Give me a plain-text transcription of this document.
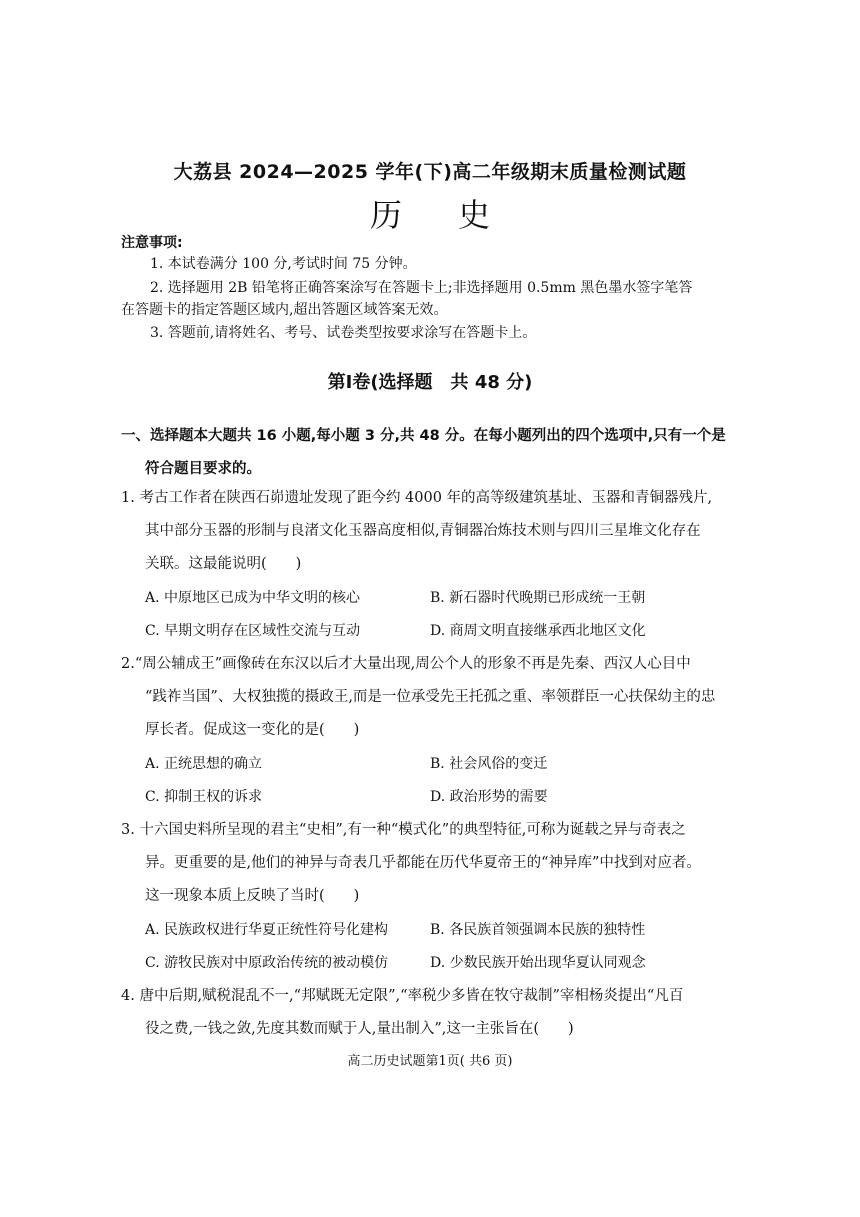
大荔县 2024—2025 学年(下)高二年级期末质量检测试题
历史
注意事项:
1. 本试卷满分 100 分,考试时间 75 分钟。
2. 选择题用 2B 铅笔将正确答案涂写在答题卡上;非选择题用 0.5mm 黑色墨水签字笔答
在答题卡的指定答题区域内,超出答题区域答案无效。
3. 答题前,请将姓名、考号、试卷类型按要求涂写在答题卡上。
第Ⅰ卷(选择题　共 48 分)
一、选择题本大题共 16 小题,每小题 3 分,共 48 分。在每小题列出的四个选项中,只有一个是
符合题目要求的。
1. 考古工作者在陕西石峁遗址发现了距今约 4000 年的高等级建筑基址、玉器和青铜器残片,
其中部分玉器的形制与良渚文化玉器高度相似,青铜器冶炼技术则与四川三星堆文化存在
关联。这最能说明(　　)
A. 中原地区已成为中华文明的核心	B. 新石器时代晚期已形成统一王朝
C. 早期文明存在区域性交流与互动	D. 商周文明直接继承西北地区文化
2.“周公辅成王”画像砖在东汉以后才大量出现,周公个人的形象不再是先秦、西汉人心目中
“践祚当国”、大权独揽的摄政王,而是一位承受先王托孤之重、率领群臣一心扶保幼主的忠
厚长者。促成这一变化的是(　　)
A. 正统思想的确立	B. 社会风俗的变迁
C. 抑制王权的诉求	D. 政治形势的需要
3. 十六国史料所呈现的君主“史相”,有一种“模式化”的典型特征,可称为诞载之异与奇表之
异。更重要的是,他们的神异与奇表几乎都能在历代华夏帝王的“神异库”中找到对应者。
这一现象本质上反映了当时(　　)
A. 民族政权进行华夏正统性符号化建构	B. 各民族首领强调本民族的独特性
C. 游牧民族对中原政治传统的被动模仿	D. 少数民族开始出现华夏认同观念
4. 唐中后期,赋税混乱不一,“邦赋既无定限”,“率税少多皆在牧守裁制”宰相杨炎提出“凡百
役之费,一钱之敛,先度其数而赋于人,量出制入”,这一主张旨在(　　)
高二历史试题第1页( 共6 页)
